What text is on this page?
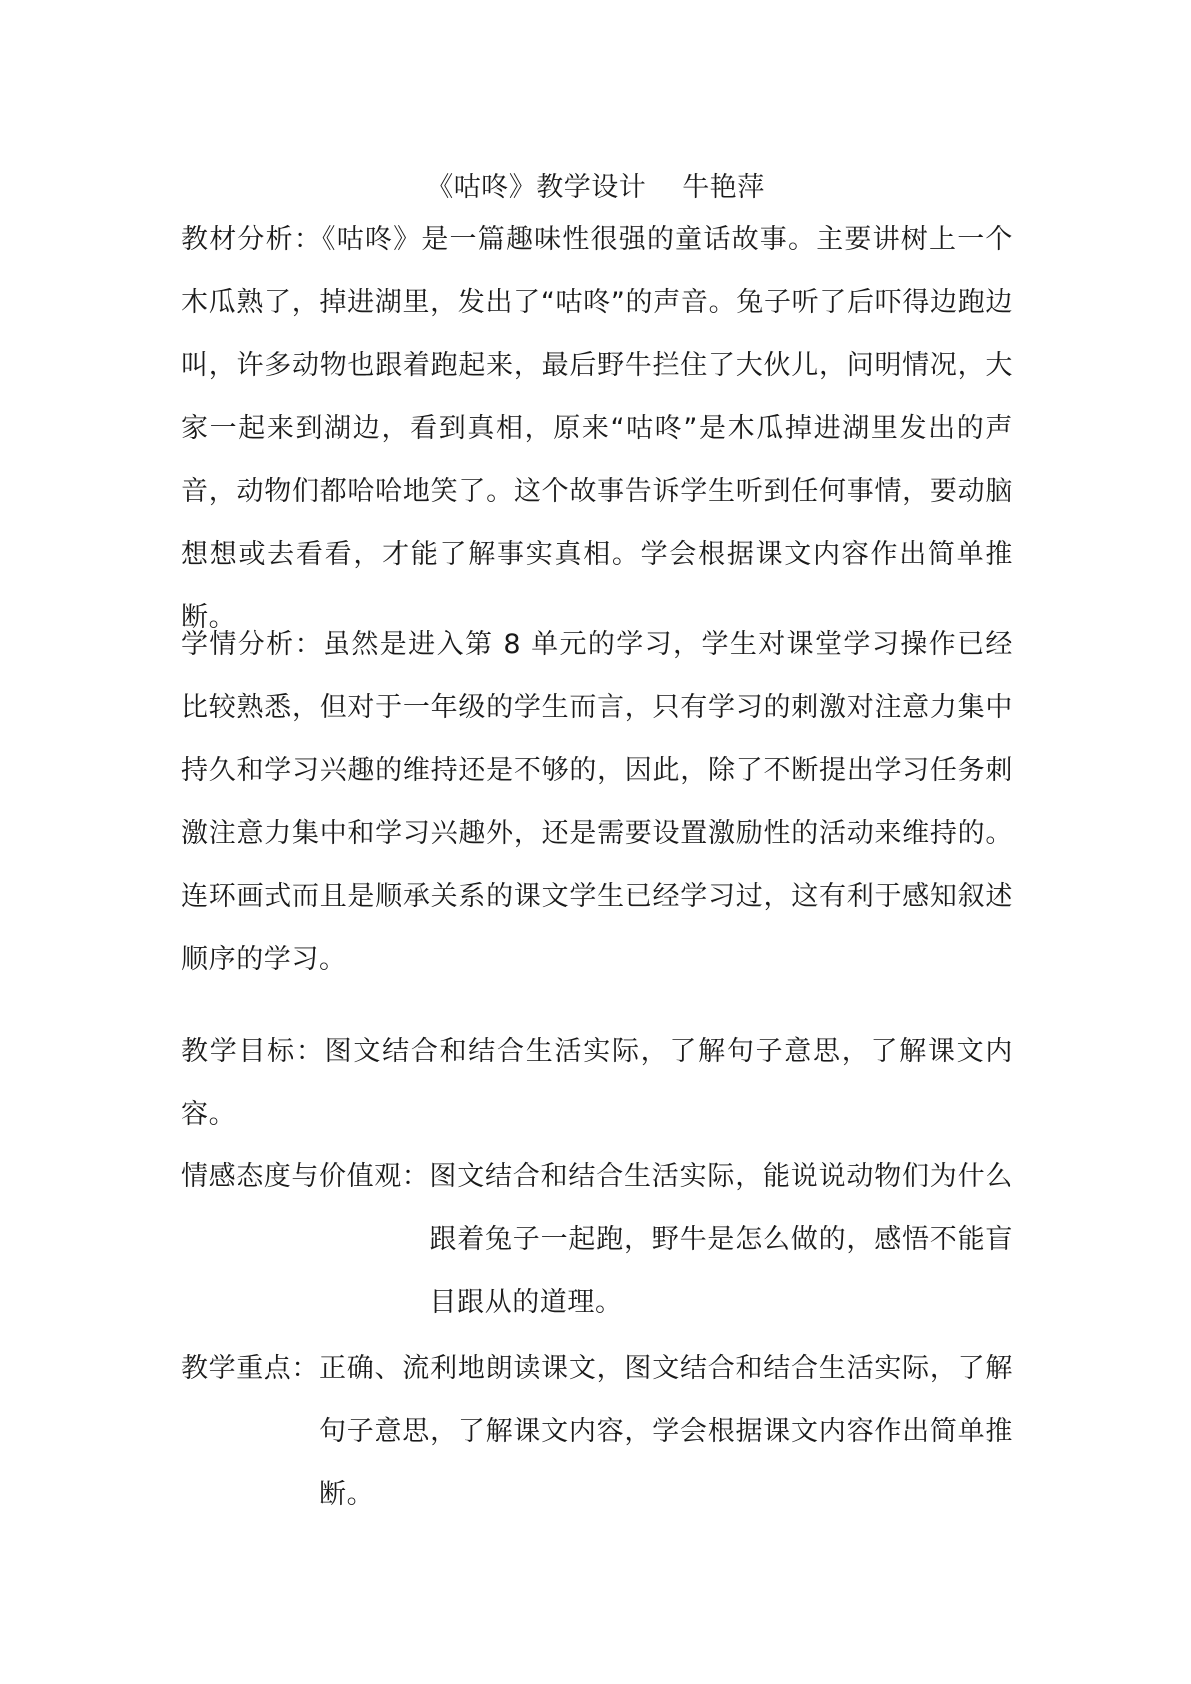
《咕咚》教学设计 牛艳萍
教材分析：《咕咚》是一篇趣味性很强的童话故事。主要讲树上一个木瓜熟了，掉进湖里，发出了“咕咚”的声音。兔子听了后吓得边跑边叫，许多动物也跟着跑起来，最后野牛拦住了大伙儿，问明情况，大家一起来到湖边，看到真相，原来“咕咚”是木瓜掉进湖里发出的声音，动物们都哈哈地笑了。这个故事告诉学生听到任何事情，要动脑想想或去看看，才能了解事实真相。学会根据课文内容作出简单推断。
学情分析：虽然是进入第 8 单元的学习，学生对课堂学习操作已经比较熟悉，但对于一年级的学生而言，只有学习的刺激对注意力集中持久和学习兴趣的维持还是不够的，因此，除了不断提出学习任务刺激注意力集中和学习兴趣外，还是需要设置激励性的活动来维持的。连环画式而且是顺承关系的课文学生已经学习过，这有利于感知叙述顺序的学习。
教学目标：图文结合和结合生活实际，了解句子意思，了解课文内容。
情感态度与价值观： 图文结合和结合生活实际，能说说动物们为什么跟着兔子一起跑，野牛是怎么做的，感悟不能盲目跟从的道理。
教学重点： 正确、流利地朗读课文，图文结合和结合生活实际，了解句子意思，了解课文内容，学会根据课文内容作出简单推断。
